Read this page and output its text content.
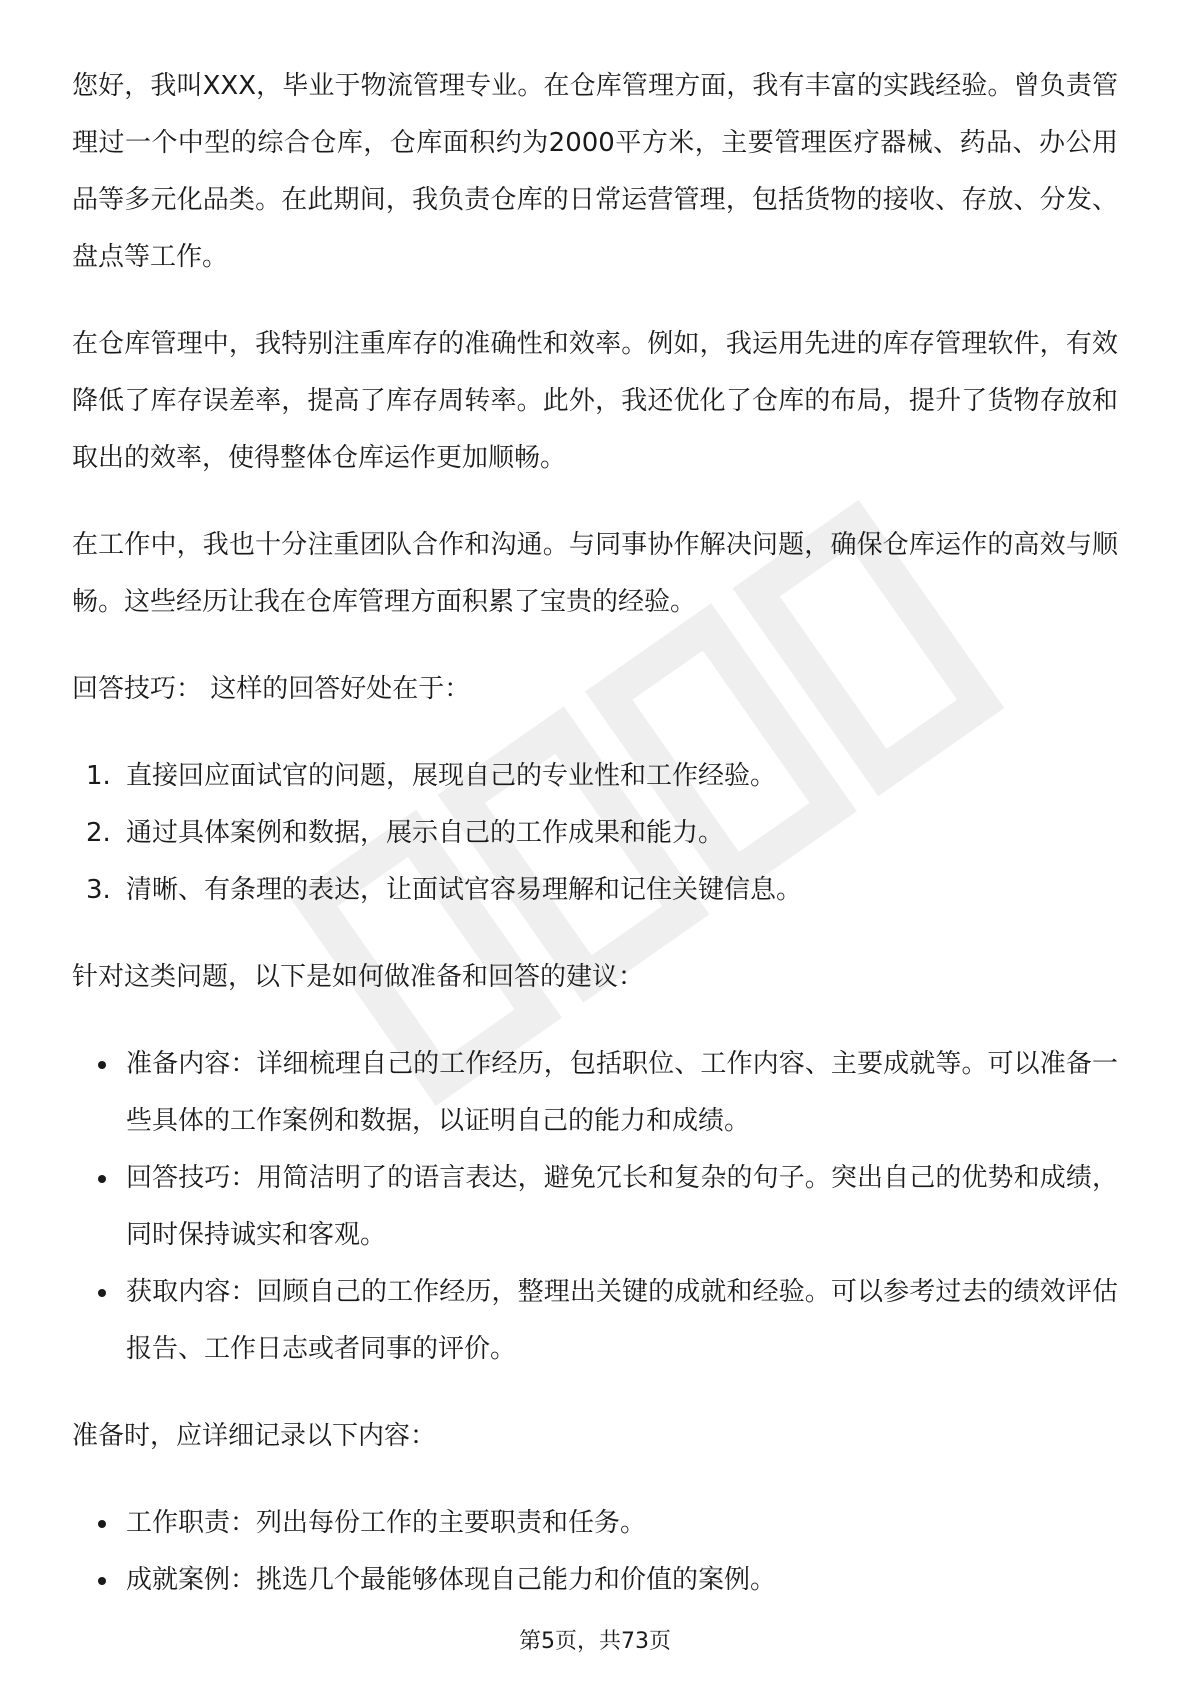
您好，我叫XXX，毕业于物流管理专业。在仓库管理方面，我有丰富的实践经验。曾负责管理过一个中型的综合仓库，仓库面积约为2000平方米，主要管理医疗器械、药品、办公用品等多元化品类。在此期间，我负责仓库的日常运营管理，包括货物的接收、存放、分发、盘点等工作。

在仓库管理中，我特别注重库存的准确性和效率。例如，我运用先进的库存管理软件，有效降低了库存误差率，提高了库存周转率。此外，我还优化了仓库的布局，提升了货物存放和取出的效率，使得整体仓库运作更加顺畅。

在工作中，我也十分注重团队合作和沟通。与同事协作解决问题，确保仓库运作的高效与顺畅。这些经历让我在仓库管理方面积累了宝贵的经验。

回答技巧： 这样的回答好处在于：

1. 直接回应面试官的问题，展现自己的专业性和工作经验。
2. 通过具体案例和数据，展示自己的工作成果和能力。
3. 清晰、有条理的表达，让面试官容易理解和记住关键信息。

针对这类问题，以下是如何做准备和回答的建议：

准备内容：详细梳理自己的工作经历，包括职位、工作内容、主要成就等。可以准备一些具体的工作案例和数据，以证明自己的能力和成绩。
回答技巧：用简洁明了的语言表达，避免冗长和复杂的句子。突出自己的优势和成绩，同时保持诚实和客观。
获取内容：回顾自己的工作经历，整理出关键的成就和经验。可以参考过去的绩效评估报告、工作日志或者同事的评价。

准备时，应详细记录以下内容：

工作职责：列出每份工作的主要职责和任务。
成就案例：挑选几个最能够体现自己能力和价值的案例。
第5页，共73页
